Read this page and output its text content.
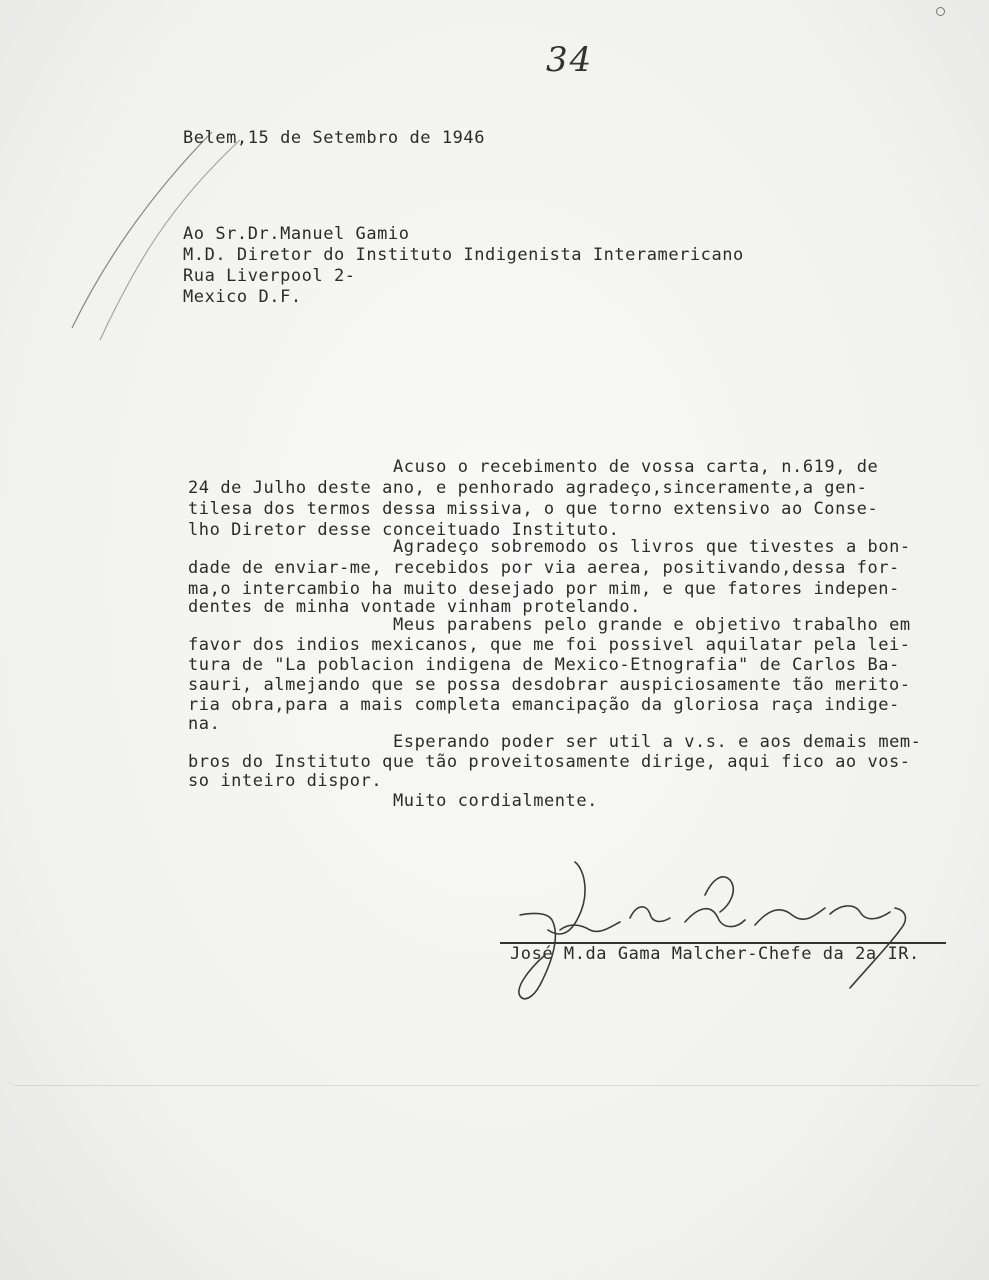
34
Belem,15 de Setembro de 1946
Ao Sr.Dr.Manuel Gamio
M.D. Diretor do Instituto Indigenista Interamericano
Rua Liverpool 2-
Mexico D.F.
Acuso o recebimento de vossa carta, n.619, de
24 de Julho deste ano, e penhorado agradeço,sinceramente,a gen-
tilesa dos termos dessa missiva, o que torno extensivo ao Conse-
lho Diretor desse conceituado Instituto.
Agradeço sobremodo os livros que tivestes a bon-
dade de enviar-me, recebidos por via aerea, positivando,dessa for-
ma,o intercambio ha muito desejado por mim, e que fatores indepen-
dentes de minha vontade vinham protelando.
Meus parabens pelo grande e objetivo trabalho em
favor dos indios mexicanos, que me foi possivel aquilatar pela lei-
tura de "La poblacion indigena de Mexico-Etnografia" de Carlos Ba-
sauri, almejando que se possa desdobrar auspiciosamente tão merito-
ria obra,para a mais completa emancipação da gloriosa raça indige-
na.
Esperando poder ser util a v.s. e aos demais mem-
bros do Instituto que tão proveitosamente dirige, aqui fico ao vos-
so inteiro dispor.
Muito cordialmente.
José M.da Gama Malcher-Chefe da 2a IR.
